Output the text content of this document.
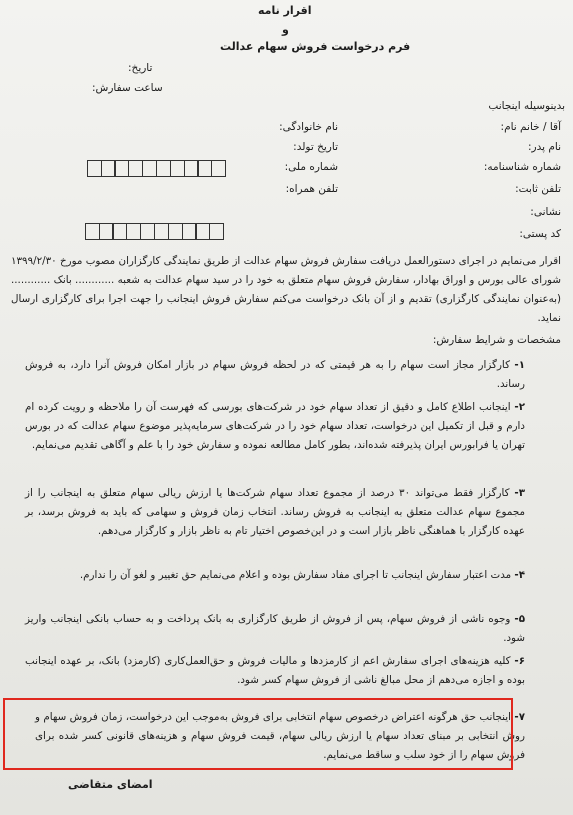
اقرار نامه
و
فرم درخواست فروش سهام عدالت
تاریخ:
ساعت سفارش:
بدینوسیله اینجانب
آقا / خانم نام:
نام خانوادگی:
نام پدر:
تاریخ تولد:
شماره شناسنامه:
شماره ملی:
تلفن ثابت:
تلفن همراه:
نشانی:
کد پستی:
اقرار می‌نمایم در اجرای دستورالعمل دریافت سفارش فروش سهام عدالت از طریق نمایندگی کارگزاران مصوب مورخ ۱۳۹۹/۲/۳۰ شورای عالی بورس و اوراق بهادار، سفارش فروش سهام متعلق به خود را در سید سهام عدالت به شعبه ............ بانک ............ (به‌عنوان نمایندگی کارگزاری) تقدیم و از آن بانک درخواست می‌کنم سفارش فروش اینجانب را جهت اجرا برای کارگزاری ارسال نماید.
مشخصات و شرایط سفارش:
۱- کارگزار مجاز است سهام را به هر قیمتی که در لحظه فروش سهام در بازار امکان فروش آنرا دارد، به فروش رساند.
۲- اینجانب اطلاع کامل و دقیق از تعداد سهام خود در شرکت‌های بورسی که فهرست آن را ملاحظه و رویت کرده ام دارم و قبل از تکمیل این درخواست، تعداد سهام خود را در شرکت‌های سرمایه‌پذیر موضوع سهام عدالت که در بورس تهران یا فرابورس ایران پذیرفته شده‌اند، بطور کامل مطالعه نموده و سفارش خود را با علم و آگاهی تقدیم می‌نمایم.
۳- کارگزار فقط می‌تواند ۳۰ درصد از مجموع تعداد سهام شرکت‌ها یا ارزش ریالی سهام متعلق به اینجانب را از مجموع سهام عدالت متعلق به اینجانب به فروش رساند. انتخاب زمان فروش و سهامی که باید به فروش برسد، بر عهده کارگزار با هماهنگی ناظر بازار است و در این‌خصوص اختیار تام به ناظر بازار و کارگزار می‌دهم.
۴- مدت اعتبار سفارش اینجانب تا اجرای مفاد سفارش بوده و اعلام می‌نمایم حق تغییر و لغو آن را ندارم.
۵- وجوه ناشی از فروش سهام، پس از فروش از طریق کارگزاری به بانک پرداخت و به حساب بانکی اینجانب واریز شود.
۶- کلیه هزینه‌های اجرای سفارش اعم از کارمزدها و مالیات فروش و حق‌العمل‌کاری (کارمزد) بانک، بر عهده اینجانب بوده و اجازه می‌دهم از محل مبالغ ناشی از فروش سهام کسر شود.
۷- اینجانب حق هرگونه اعتراض درخصوص سهام انتخابی برای فروش به‌موجب این درخواست، زمان فروش سهام و روش انتخابی بر مبنای تعداد سهام یا ارزش ریالی سهام، قیمت فروش سهام و هزینه‌های قانونی کسر شده برای فروش سهام را از خود سلب و ساقط می‌نمایم.
امضای متقاضی
